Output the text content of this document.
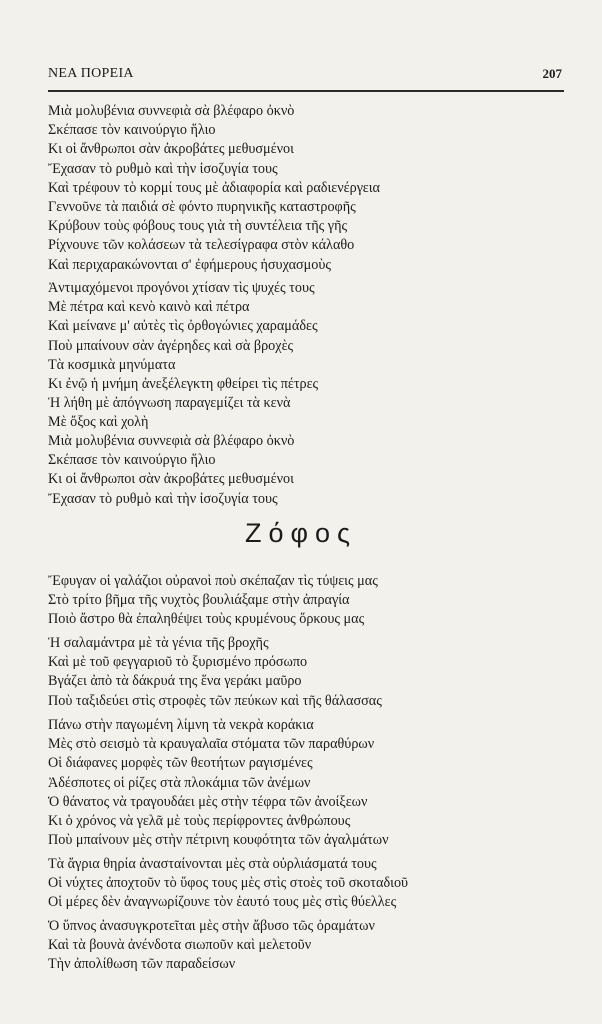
ΝΕΑ ΠΟΡΕΙΑ	207
Μιὰ μολυβένια συννεφιὰ σὰ βλέφαρο ὀκνὸ
Σκέπασε τὸν καινούργιο ἥλιο
Κι οἱ ἄνθρωποι σὰν ἀκροβάτες μεθυσμένοι
Ἔχασαν τὸ ρυθμὸ καὶ τὴν ἰσοζυγία τους
Καὶ τρέφουν τὸ κορμί τους μὲ ἀδιαφορία καὶ ραδιενέργεια
Γεννοῦνε τὰ παιδιά σὲ φόντο πυρηνικῆς καταστροφῆς
Κρύβουν τοὺς φόβους τους γιὰ τὴ συντέλεια τῆς γῆς
Ρίχνουνε τῶν κολάσεων τὰ τελεσίγραφα στὸν κάλαθο
Καὶ περιχαρακώνονται σ' ἐφήμερους ἡσυχασμοὺς
Ἀντιμαχόμενοι προγόνοι χτίσαν τὶς ψυχές τους
Μὲ πέτρα καὶ κενὸ καινὸ καὶ πέτρα
Καὶ μείνανε μ' αὐτὲς τὶς ὀρθογώνιες χαραμάδες
Ποὺ μπαίνουν σὰν ἀγέρηδες καὶ σὰ βροχὲς
Τὰ κοσμικὰ μηνύματα
Κι ἐνῷ ἡ μνήμη ἀνεξέλεγκτη φθείρει τὶς πέτρες
Ἡ λήθη μὲ ἀπόγνωση παραγεμίζει τὰ κενὰ
Μὲ ὄξος καὶ χολὴ
Μιὰ μολυβένια συννεφιὰ σὰ βλέφαρο ὀκνὸ
Σκέπασε τὸν καινούργιο ἥλιο
Κι οἱ ἄνθρωποι σὰν ἀκροβάτες μεθυσμένοι
Ἔχασαν τὸ ρυθμὸ καὶ τὴν ἰσοζυγία τους
Ζόφος
Ἔφυγαν οἱ γαλάζιοι οὐρανοὶ ποὺ σκέπαζαν τὶς τύψεις μας
Στὸ τρίτο βῆμα τῆς νυχτὸς βουλιάξαμε στὴν ἀπραγία
Ποιὸ ἄστρο θὰ ἐπαληθέψει τοὺς κρυμένους ὅρκους μας
Ἡ σαλαμάντρα μὲ τὰ γένια τῆς βροχῆς
Καὶ μὲ τοῦ φεγγαριοῦ τὸ ξυρισμένο πρόσωπο
Βγάζει ἀπὸ τὰ δάκρυά της ἕνα γεράκι μαῦρο
Ποὺ ταξιδεύει στὶς στροφὲς τῶν πεύκων καὶ τῆς θάλασσας
Πάνω στὴν παγωμένη λίμνη τὰ νεκρὰ κοράκια
Μὲς στὸ σεισμὸ τὰ κραυγαλαῖα στόματα τῶν παραθύρων
Οἱ διάφανες μορφὲς τῶν θεοτήτων ραγισμένες
Ἀδέσποτες οἱ ρίζες στὰ πλοκάμια τῶν ἀνέμων
Ὁ θάνατος νὰ τραγουδάει μὲς στὴν τέφρα τῶν ἀνοίξεων
Κι ὁ χρόνος νὰ γελᾶ μὲ τοὺς περίφροντες ἀνθρώπους
Ποὺ μπαίνουν μὲς στὴν πέτρινη κουφότητα τῶν ἀγαλμάτων
Τὰ ἄγρια θηρία ἀνασταίνονται μὲς στὰ οὐρλιάσματά τους
Οἱ νύχτες ἀποχτοῦν τὸ ὕφος τους μὲς στὶς στοὲς τοῦ σκοταδιοῦ
Οἱ μέρες δὲν ἀναγνωρίζουνε τὸν ἑαυτό τους μὲς στὶς θύελλες
Ὁ ὕπνος ἀνασυγκροτεῖται μὲς στὴν ἄβυσο τῶς ὁραμάτων
Καὶ τὰ βουνὰ ἀνένδοτα σιωποῦν καὶ μελετοῦν
Τὴν ἀπολίθωση τῶν παραδείσων
